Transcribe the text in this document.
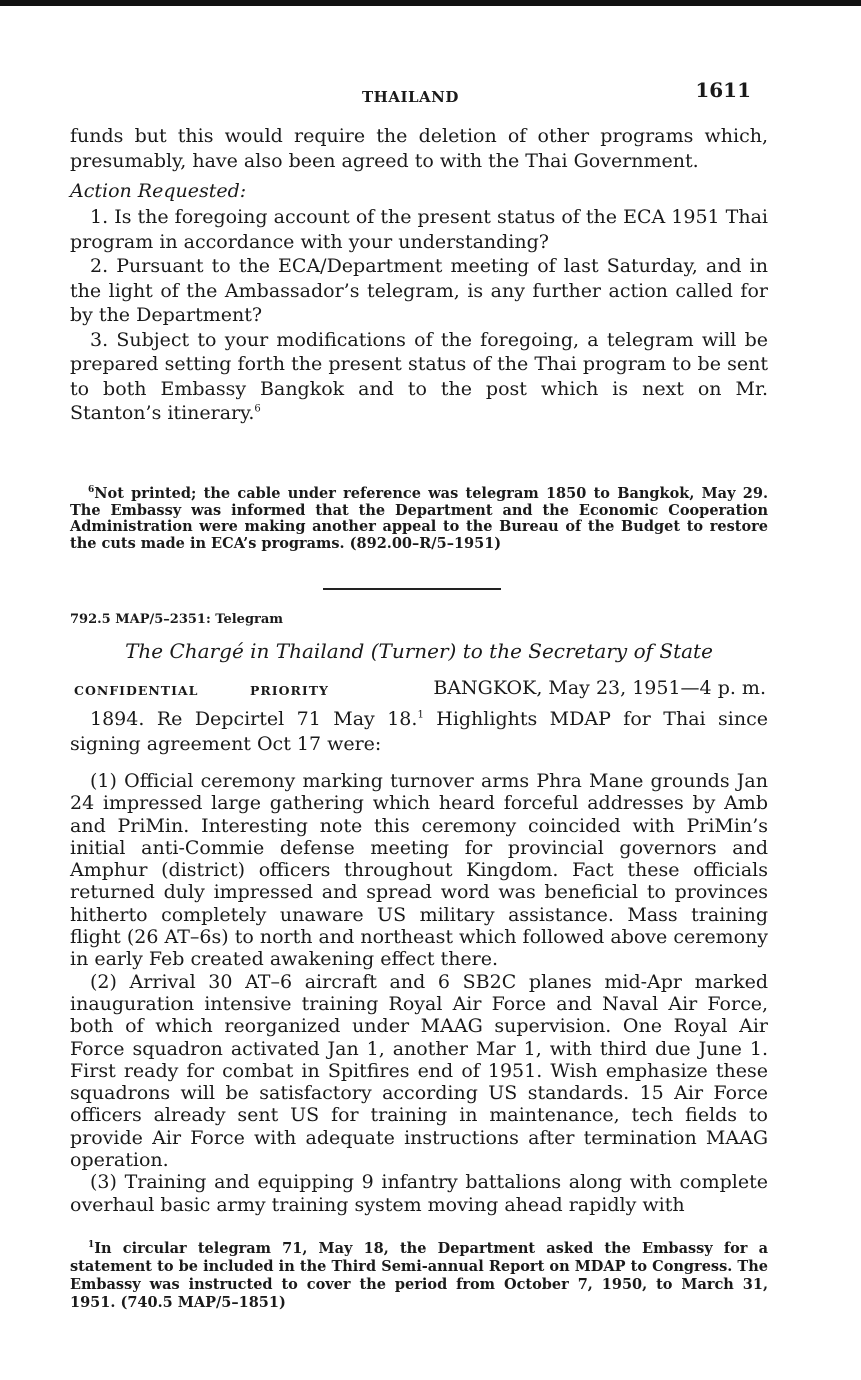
THAILAND	1611

funds but this would require the deletion of other programs which, presumably, have also been agreed to with the Thai Government.

Action Requested:

1. Is the foregoing account of the present status of the ECA 1951 Thai program in accordance with your understanding?

2. Pursuant to the ECA/Department meeting of last Saturday, and in the light of the Ambassador’s telegram, is any further action called for by the Department?

3. Subject to your modifications of the foregoing, a telegram will be prepared setting forth the present status of the Thai program to be sent to both Embassy Bangkok and to the post which is next on Mr. Stanton’s itinerary.$^6$

$^6$Not printed; the cable under reference was telegram 1850 to Bangkok, May 29. The Embassy was informed that the Department and the Economic Cooperation Administration were making another appeal to the Bureau of the Budget to restore the cuts made in ECA’s programs. (892.00–R/5–1951)

792.5 MAP/5–2351: Telegram

The Chargé in Thailand (Turner) to the Secretary of State

CONFIDENTIAL	PRIORITY	BANGKOK, May 23, 1951—4 p. m.

1894. Re Depcirtel 71 May 18.$^1$ Highlights MDAP for Thai since signing agreement Oct 17 were:

(1) Official ceremony marking turnover arms Phra Mane grounds Jan 24 impressed large gathering which heard forceful addresses by Amb and PriMin. Interesting note this ceremony coincided with PriMin’s initial anti-Commie defense meeting for provincial governors and Amphur (district) officers throughout Kingdom. Fact these officials returned duly impressed and spread word was beneficial to provinces hitherto completely unaware US military assistance. Mass training flight (26 AT–6s) to north and northeast which followed above ceremony in early Feb created awakening effect there.

(2) Arrival 30 AT–6 aircraft and 6 SB2C planes mid-Apr marked inauguration intensive training Royal Air Force and Naval Air Force, both of which reorganized under MAAG supervision. One Royal Air Force squadron activated Jan 1, another Mar 1, with third due June 1. First ready for combat in Spitfires end of 1951. Wish emphasize these squadrons will be satisfactory according US standards. 15 Air Force officers already sent US for training in maintenance, tech fields to provide Air Force with adequate instructions after termination MAAG operation.

(3) Training and equipping 9 infantry battalions along with complete overhaul basic army training system moving ahead rapidly with

$^1$In circular telegram 71, May 18, the Department asked the Embassy for a statement to be included in the Third Semi-annual Report on MDAP to Congress. The Embassy was instructed to cover the period from October 7, 1950, to March 31, 1951. (740.5 MAP/5–1851)
